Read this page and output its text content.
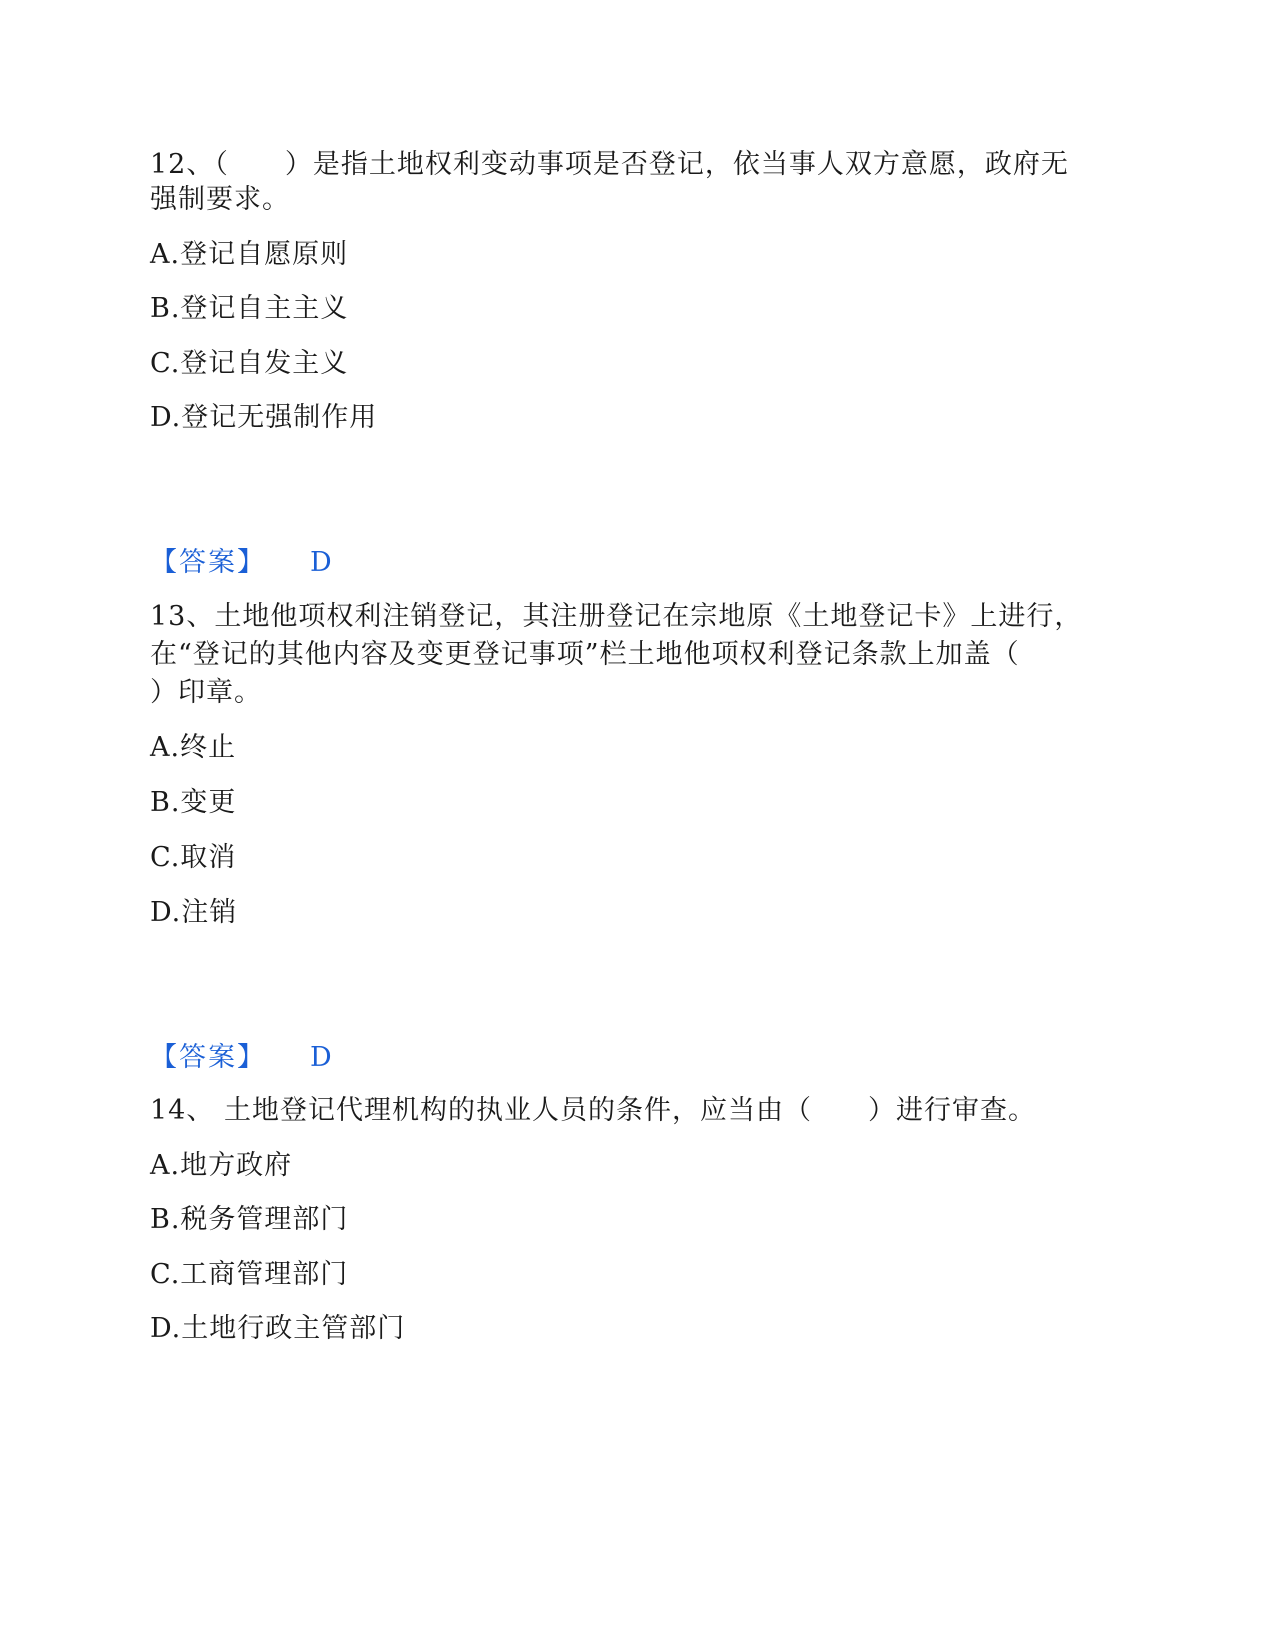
12、（　　）是指土地权利变动事项是否登记，依当事人双方意愿，政府无
强制要求。
A.登记自愿原则
B.登记自主主义
C.登记自发主义
D.登记无强制作用
【答案】 D
13、土地他项权利注销登记，其注册登记在宗地原《土地登记卡》上进行，
在“登记的其他内容及变更登记事项”栏土地他项权利登记条款上加盖（
）印章。
A.终止
B.变更
C.取消
D.注销
【答案】 D
14、 土地登记代理机构的执业人员的条件，应当由（　　）进行审查。
A.地方政府
B.税务管理部门
C.工商管理部门
D.土地行政主管部门
